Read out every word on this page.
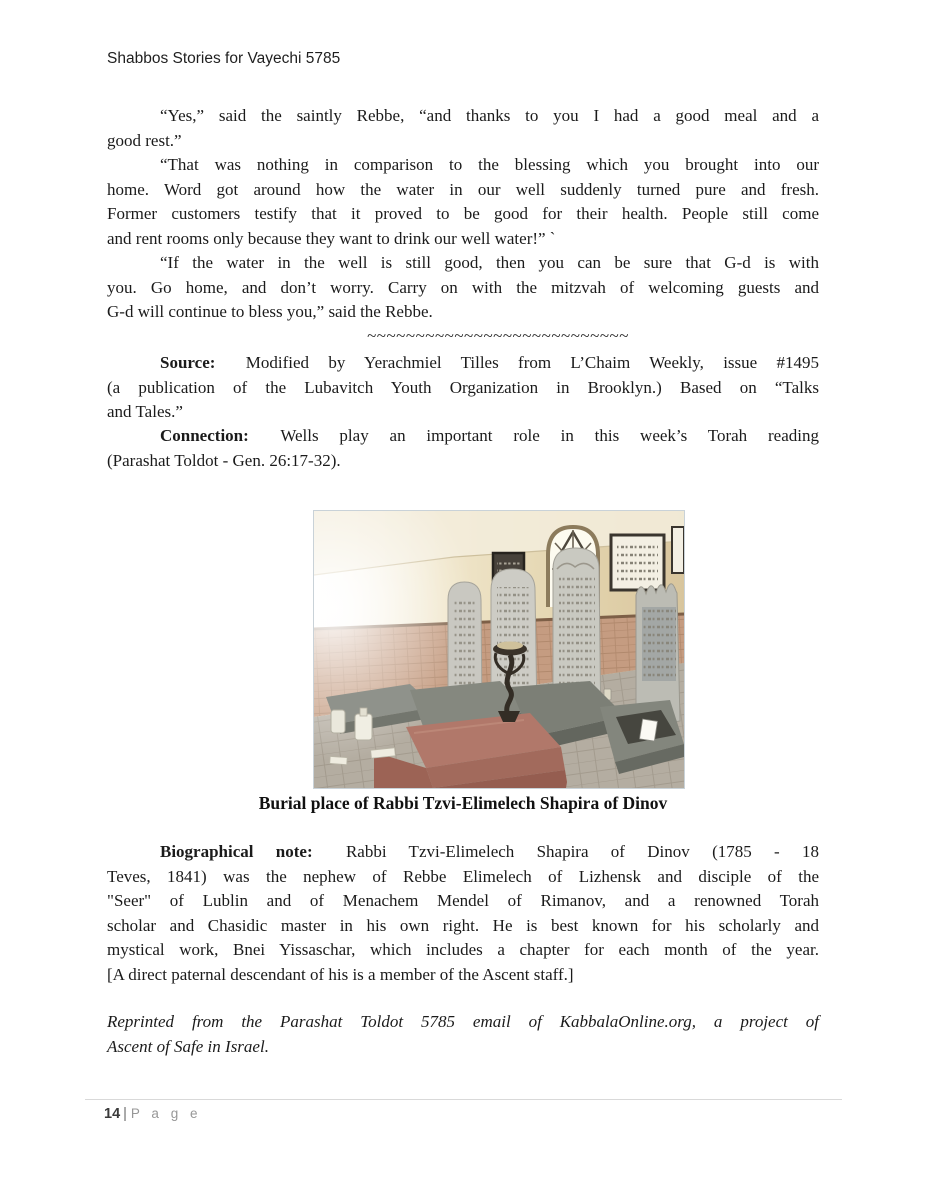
Shabbos Stories for Vayechi 5785
“Yes,” said the saintly Rebbe, “and thanks to you I had a good meal and a
good rest.”
“That was nothing in comparison to the blessing which you brought into our
home. Word got around how the water in our well suddenly turned pure and fresh.
Former customers testify that it proved to be good for their health. People still come
and rent rooms only because they want to drink our well water!” `
“If the water in the well is still good, then you can be sure that G-d is with
you. Go home, and don’t worry. Carry on with the mitzvah of welcoming guests and
G-d will continue to bless you,” said the Rebbe.
~~~~~~~~~~~~~~~~~~~~~~~~~~~
Source: Modified by Yerachmiel Tilles from L’Chaim Weekly, issue #1495
(a publication of the Lubavitch Youth Organization in Brooklyn.) Based on “Talks
and Tales.”
Connection: Wells play an important role in this week’s Torah reading
(Parashat Toldot - Gen. 26:17-32).
Burial place of Rabbi Tzvi-Elimelech Shapira of Dinov
Biographical note: Rabbi Tzvi-Elimelech Shapira of Dinov (1785 - 18
Teves, 1841) was the nephew of Rebbe Elimelech of Lizhensk and disciple of the
"Seer" of Lublin and of Menachem Mendel of Rimanov, and a renowned Torah
scholar and Chasidic master in his own right. He is best known for his scholarly and
mystical work, Bnei Yissaschar, which includes a chapter for each month of the year.
[A direct paternal descendant of his is a member of the Ascent staff.]
Reprinted from the Parashat Toldot 5785 email of KabbalaOnline.org, a project of
Ascent of Safe in Israel.
14 | P a g e
